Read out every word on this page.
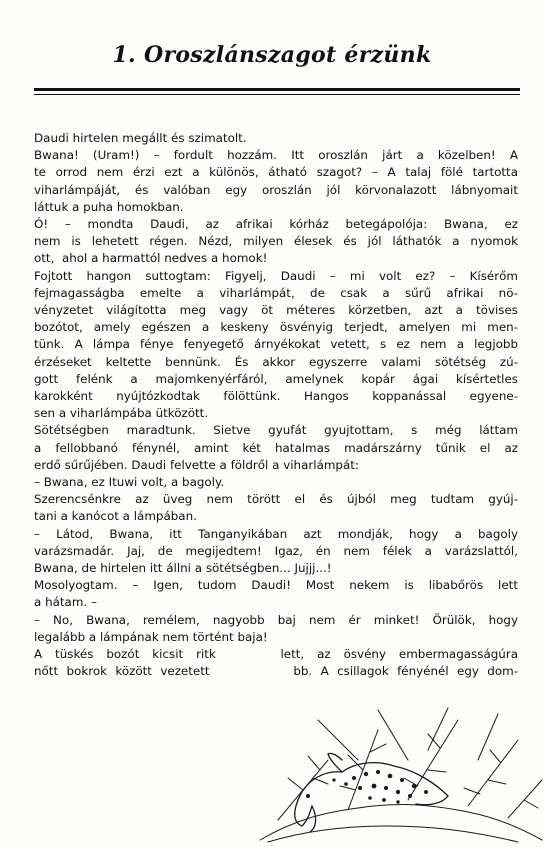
1. Oroszlánszagot érzünk
Daudi hirtelen megállt és szimatolt.
Bwana! (Uram!) – fordult hozzám. Itt oroszlán járt a közelben! A
te orrod nem érzi ezt a különös, átható szagot? – A talaj fölé tartotta
viharlámpáját, és valóban egy oroszlán jól körvonalazott lábnyomait
láttuk a puha homokban.
Ó! – mondta Daudi, az afrikai kórház betegápolója: Bwana, ez
nem is lehetett régen. Nézd, milyen élesek és jól láthatók a nyomok
ott,  ahol a harmattól nedves a homok!
Fojtott hangon suttogtam: Figyelj, Daudi – mi volt ez? – Kísérőm
fejmagasságba emelte a viharlámpát, de csak a sűrű afrikai nö-
vényzetet világította meg vagy öt méteres körzetben, azt a tövises
bozótot, amely egészen a keskeny ösvényig terjedt, amelyen mi men-
tünk. A lámpa fénye fenyegető árnyékokat vetett, s ez nem a legjobb
érzéseket keltette bennünk. És akkor egyszerre valami sötétség zú-
gott felénk a majomkenyérfáról, amelynek kopár ágai kísértetles
karokként nyújtózkodtak fölöttünk. Hangos koppanással egyene-
sen a viharlámpába ütközött.
Sötétségben maradtunk. Sietve gyufát gyujtottam, s még láttam
a fellobbanó fénynél, amint két hatalmas madárszárny tűnik el az
erdő sűrűjében. Daudi felvette a földről a viharlámpát:
– Bwana, ez Ituwi volt, a bagoly.
Szerencsénkre az üveg nem törött el és újból meg tudtam gyúj-
tani a kanócot a lámpában.
– Látod, Bwana, itt Tanganyikában azt mondják, hogy a bagoly
varázsmadár. Jaj, de megijedtem! Igaz, én nem félek a varázslattól,
Bwana, de hirtelen itt állni a sötétségben... Jujjj...!
Mosolyogtam. – Igen, tudom Daudi! Most nekem is libabőrös lett
a hátam. –
– No, Bwana, remélem, nagyobb baj nem ér minket! Örülök, hogy
legalább a lámpának nem történt baja!
A tüskés bozót kicsit ritk     lett, az ösvény embermagasságúra
nőtt bokrok között vezetett          bb. A csillagok fényénél egy dom-
